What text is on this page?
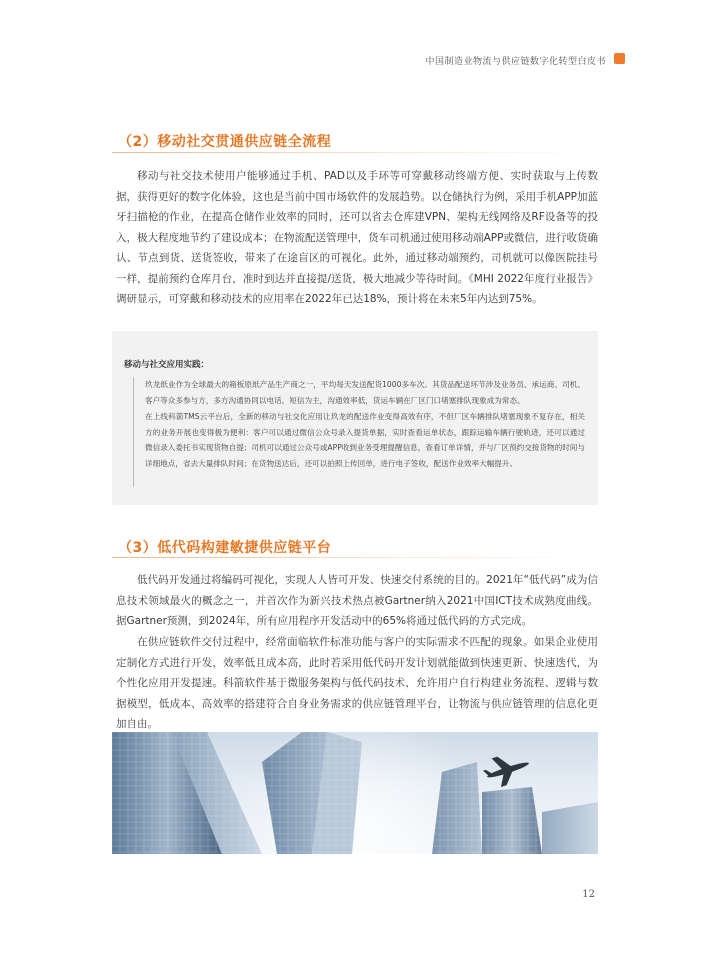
中国制造业物流与供应链数字化转型白皮书
（2）移动社交贯通供应链全流程

移动与社交技术使用户能够通过手机、PAD以及手环等可穿戴移动终端方便、实时获取与上传数据，获得更好的数字化体验，这也是当前中国市场软件的发展趋势。以仓储执行为例，采用手机APP加蓝牙扫描枪的作业，在提高仓储作业效率的同时，还可以省去仓库建VPN、架构无线网络及RF设备等的投入，极大程度地节约了建设成本；在物流配送管理中，货车司机通过使用移动端APP或微信，进行收货确认、节点到货、送货签收，带来了在途盲区的可视化。此外，通过移动端预约，司机就可以像医院挂号一样，提前预约仓库月台，准时到达并直接提/送货，极大地减少等待时间。《MHI 2022年度行业报告》调研显示，可穿戴和移动技术的应用率在2022年已达18%，预计将在未来5年内达到75%。

移动与社交应用实践：

玖龙纸业作为全球最大的箱板原纸产品生产商之一，平均每天发送配货1000多车次。其货品配送环节涉及业务员、承运商、司机、客户等众多参与方，多方沟通协同以电话、短信为主，沟通效率低，货运车辆在厂区门口堵塞排队现象成为常态。

在上线科箭TMS云平台后，全新的移动与社交化应用让玖龙的配送作业变得高效有序，不但厂区车辆排队堵塞现象不复存在，相关方的业务开展也变得极为便利：客户可以通过微信公众号录入提货单据，实时查看运单状态，跟踪运输车辆行驶轨迹，还可以通过微信录入委托书实现货物自提；司机可以通过公众号或APP收到业务受理提醒信息，查看订单详情，并与厂区预约交接货物的时间与详细地点，省去大量排队时间；在货物送达后，还可以拍照上传回单，进行电子签收，配送作业效率大幅提升。

（3）低代码构建敏捷供应链平台

低代码开发通过将编码可视化，实现人人皆可开发、快速交付系统的目的。2021年“低代码”成为信息技术领域最火的概念之一，并首次作为新兴技术热点被Gartner纳入2021中国ICT技术成熟度曲线。据Gartner预测，到2024年，所有应用程序开发活动中的65%将通过低代码的方式完成。

在供应链软件交付过程中，经常面临软件标准功能与客户的实际需求不匹配的现象。如果企业使用定制化方式进行开发，效率低且成本高，此时若采用低代码开发计划就能做到快速更新、快速迭代，为个性化应用开发提速。科箭软件基于微服务架构与低代码技术，允许用户自行构建业务流程、逻辑与数据模型，低成本、高效率的搭建符合自身业务需求的供应链管理平台，让物流与供应链管理的信息化更加自由。

12
